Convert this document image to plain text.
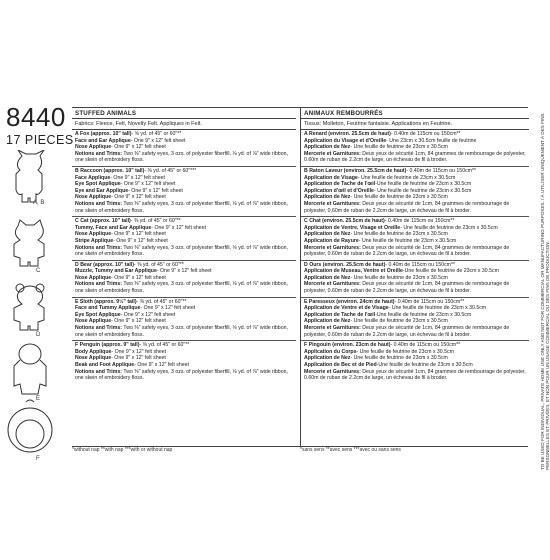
8440
17 PIECES
A, B
C
D
E
F
STUFFED ANIMALS
Fabrics: Fleece, Felt, Novelty Felt. Appliques in Felt.
A Fox (approx. 10" tall)- ⅝ yd. of 45" or 60"**
Face and Ear Applique- One 9" x 12" felt sheet
Nose Applique- One 9" x 12" felt sheet
Notions and Trims: Two ⅜" safety eyes, 3 ozs. of polyester fiberfill, ⅛ yd. of ⅞" wide ribbon, one skein of embroidery floss.
B Raccoon (approx. 10" tall)- ⅜ yd. of 45" or 60"***
Face Applique- One 9" x 12" felt sheet
Eye Spot Applique- One 9" x 12" felt sheet
Eye and Ear Applique- One 9" x 12" felt sheet
Nose Applique- One 9" x 12" felt sheet
Notions and Trims: Two ⅜" safety eyes, 3 ozs. of polyester fiberfill, ⅛ yd. of ⅞" wide ribbon, one skein of embroidery floss.
C Cat (approx. 10" tall)- ⅜ yd. of 45" or 60"**
Tummy, Face and Ear Applique- One 9" x 12" felt sheet
Nose Applique- One 9" x 12" felt sheet
Stripe Applique- One 9" x 12" felt sheet
Notions and Trims: Two ⅜" safety eyes, 3 ozs. of polyester fiberfill, ⅛ yd. of ⅞" wide ribbon, one skein of embroidery floss.
D Bear (approx. 10" tall)- ⅜ yd. of 45" or 60"**
Muzzle, Tummy and Ear Applique- One 9" x 12" felt sheet
Nose Applique- One 9" x 12" felt sheet
Notions and Trims: Two ⅜" safety eyes, 3 ozs. of polyester fiberfill, ⅛ yd. of ⅞" wide ribbon, one skein of embroidery floss.
E Sloth (approx. 9½" tall)- ⅜ yd. of 45" or 60"**
Face and Tummy Applique- One 9" x 12" felt sheet
Eye Spot Applique- One 9" x 12" felt sheet
Nose Applique- One 9" x 12" felt sheet
Notions and Trims: Two ⅜" safety eyes, 3 ozs. of polyester fiberfill, ⅛ yd. of ⅞" wide ribbon, one skein of embroidery floss.
F Penguin (approx. 9" tall)- ⅜ yd. of 45" or 60"**
Body Applique- One 9" x 12" felt sheet
Nose Applique- One 9" x 12" felt sheet
Beak and Foot Applique- One 9" x 12" felt sheet
Notions and Trims: Two ⅜" safety eyes, 3 ozs. of polyester fiberfill, ⅛ yd. of ⅞" wide ribbon, one skein of embroidery floss.
ANIMAUX REMBOURRÉS
Tissus: Molleton, Feutrine fantaisie. Applications en Feutrine.
A Renard (environ. 25.5cm de haut)- 0.40m de 115cm ou 150cm**
Application du Visage et d'Oreille- Une 23cm x 30.5cm feuille de feutrine
Application de Nez- Une feuille de feutrine de 23cm x 30.5cm
Mercerie et Garnitures: Deux yeux de sécurité 1cm, 84 grammes de rembourrage de polyester, 0.60m de ruban de 2.2cm de large, un échevau de fil à broder.
B Raton Laveur (environ. 25.5cm de haut)- 0.40m de 115cm ou 150cm**
Application de Visage- Une feuille de feutrine de 23cm x 30.5cm
Application de Tache de l'œil-Une feuille de feutrine de 23cm x 30.5cm
Application d'œil et d'Oreille- Une feuille de feutrine de 23cm x 30.5cm
Application de Nez- Une feuille de feutrine de 23cm x 30.5cm
Mercerie et Garnitures: Deux yeux de sécurité de 1cm, 84 grammes de rembourrage de polyester, 0,60m de ruban de 2.2cm de large, un échevau de fil à broder.
C Chat (environ. 25.5cm de haut)- 0.40m de 115cm ou 150cm**
Application de Ventre, Visage et Oreille- Une feuille de feutrine de 23cm x 30.5cm
Application de Nez- Une feuille de feutrine de 23cm x 30.5cm
Application de Rayure- Une feuille de feutrine de 23cm x 30.5cm
Mercerie et Garnitures: Deux yeux de sécurité de 1cm, 84 grammes de rembourrage de polyester, 0.60m de ruban de 2.2cm de large, un échevau de fil à broder.
D Ours (environ. 25.5cm de haut)- 0.40m de 115cm ou 150cm**
Application de Museau, Ventre et Oreille-Une feuille de feutrine de 23cm x 30.5cm
Application de Nez- Une feuille de feutrine de 23cm x 30.5cm
Mercerie et Garnitures: Deux yeux de sécurité de 1cm, 84 grammes de rembourrage de polyester, 0.60m de ruban de 2.2cm de large, un échevau de fil à broder.
E Paresseux (environ. 24cm de haut)- 0.40m de 115cm ou 150cm**
Application de Ventre et de Visage- Une feuille de feutrine de 23cm x 30.5cm
Application de Tache de l'œil-Une feuille de feutrine de 23cm x 30.5cm
Application de Nez- Une feuille de feutrine de 23cm x 30.5cm
Mercerie et Garnitures: Deux yeux de sécurité de 1cm, 84 grammes de rembourrage de polyester, 0.60m de ruban de 2.2cm de large, un échevau de fil à broder.
F Pingouin (environ. 23cm de haut)- 0.40m de 115cm ou 150cm**
Application du Corps- Une feuille de feutrine de 23cm x 30.5cm
Application de Nez- Une feuille de feutrine de 23cm x 30.5cm
Application de Bec et de Pied-Une feuille de feutrine de 23cm x 30.5cm
Mercerie et Garnitures: Deux yeux de sécurité 1cm, 84 grammes de rembourrage de polyester, 0.60m de ruban de 2.2cm de large, un échevau de fil à broder.
*without nap **with nap ***with or without nap	*sans sens **avec sens ***avec ou sans sens	TO BE USED FOR INDIVIDUAL, PRIVATE HOME USE ONLY AND NOT FOR COMMERCIAL OR MANUFACTURING PURPOSES. / À UTILISER UNIQUEMENT À DES FINS PERSONNELLES ET PRIVÉES, ET NON POUR UN USAGE COMMERCIAL OU DES FINS DE PRODUCTION.
